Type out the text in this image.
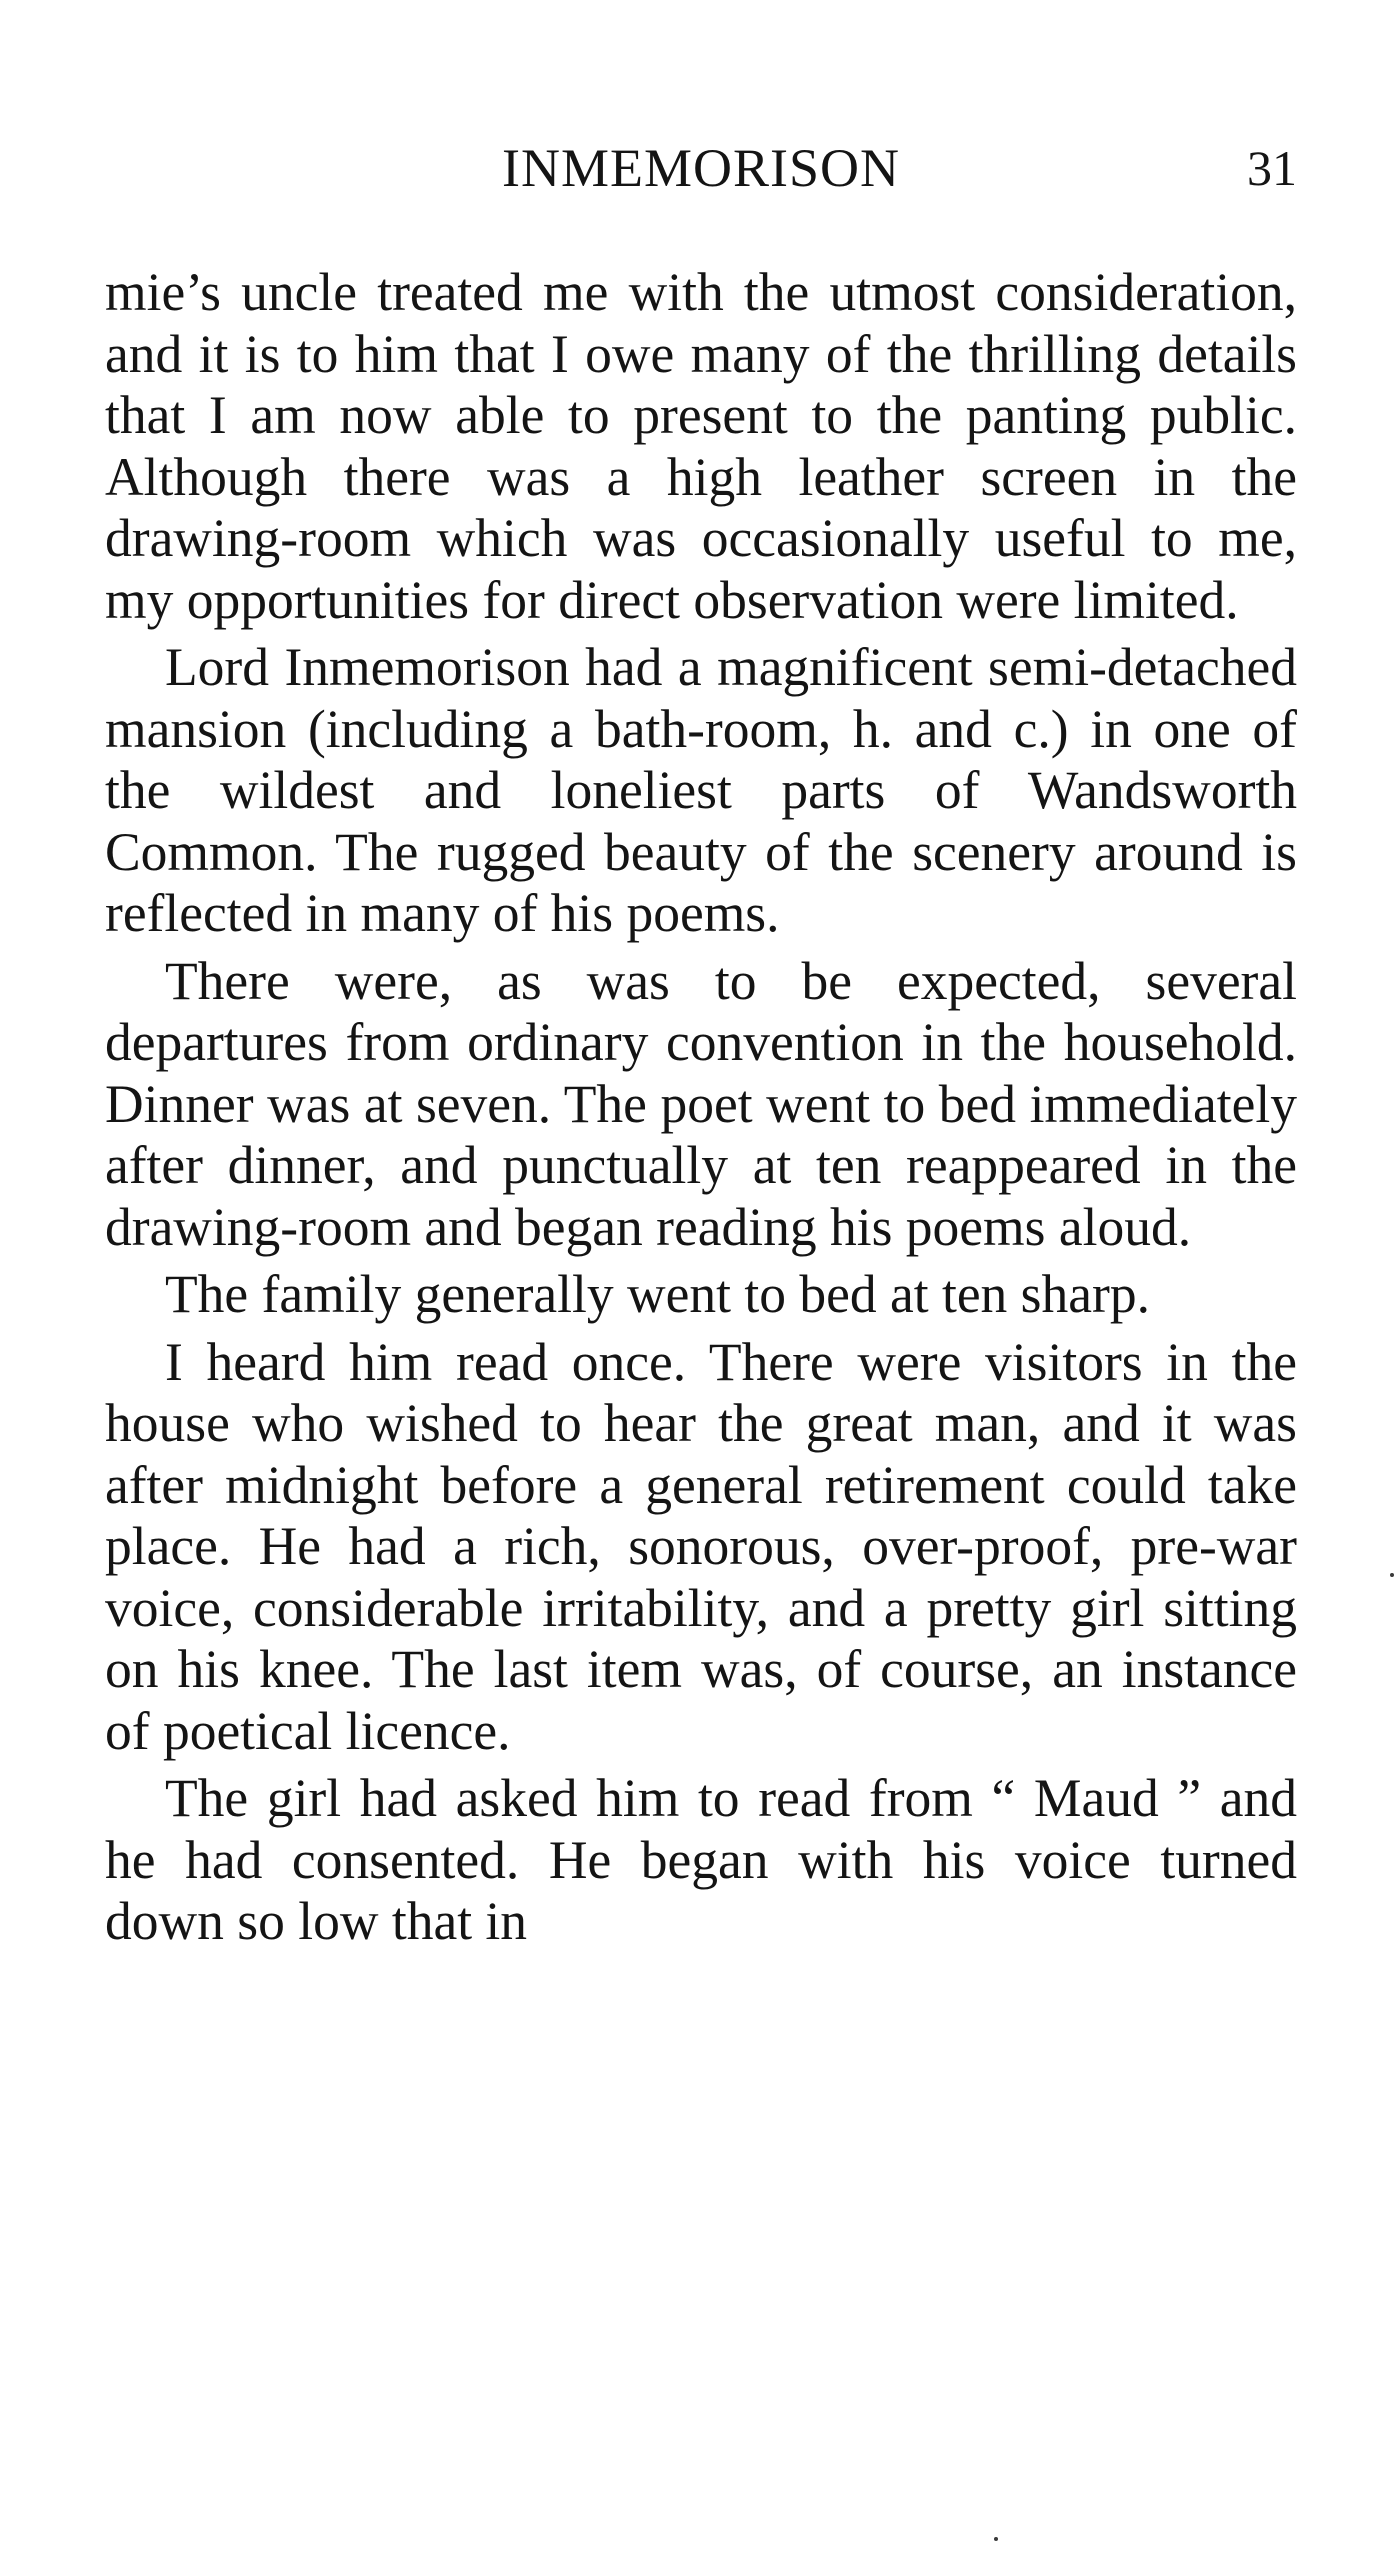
INMEMORISON	31

mie’s uncle treated me with the utmost consideration, and it is to him that I owe many of the thrilling details that I am now able to present to the panting public. Although there was a high leather screen in the drawing-room which was occasionally useful to me, my opportunities for direct observation were limited.

Lord Inmemorison had a magnificent semi-detached mansion (including a bath-room, h. and c.) in one of the wildest and loneliest parts of Wandsworth Common. The rugged beauty of the scenery around is reflected in many of his poems.

There were, as was to be expected, several departures from ordinary convention in the household. Dinner was at seven. The poet went to bed immediately after dinner, and punctually at ten reappeared in the drawing-room and began reading his poems aloud.

The family generally went to bed at ten sharp.

I heard him read once. There were visitors in the house who wished to hear the great man, and it was after midnight before a general retirement could take place. He had a rich, sonorous, over-proof, pre-war voice, considerable irritability, and a pretty girl sitting on his knee. The last item was, of course, an instance of poetical licence.

The girl had asked him to read from “ Maud ” and he had consented. He began with his voice turned down so low that in
